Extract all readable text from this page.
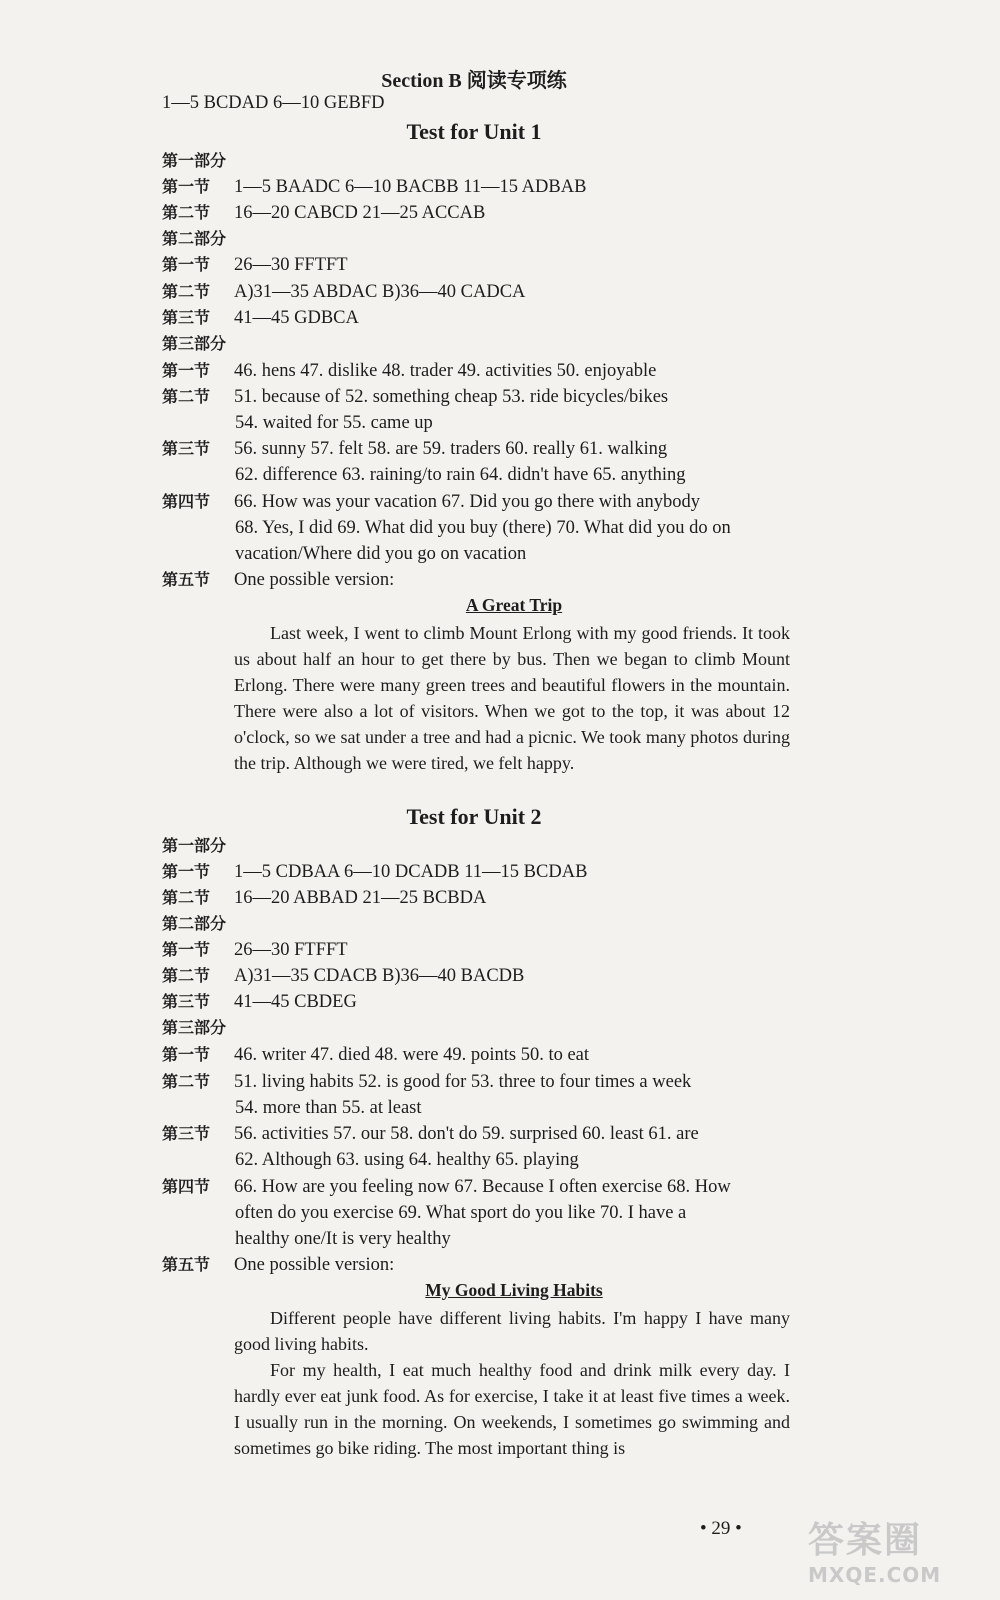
Section B 阅读专项练
1—5 BCDAD 6—10 GEBFD
Test for Unit 1
第一部分
第一节 1—5 BAADC 6—10 BACBB 11—15 ADBAB
第二节 16—20 CABCD 21—25 ACCAB
第二部分
第一节 26—30 FFTFT
第二节 A)31—35 ABDAC B)36—40 CADCA
第三节 41—45 GDBCA
第三部分
第一节 46. hens 47. dislike 48. trader 49. activities 50. enjoyable
第二节 51. because of 52. something cheap 53. ride bicycles/bikes
54. waited for 55. came up
第三节 56. sunny 57. felt 58. are 59. traders 60. really 61. walking
62. difference 63. raining/to rain 64. didn't have 65. anything
第四节 66. How was your vacation 67. Did you go there with anybody
68. Yes, I did 69. What did you buy (there) 70. What did you do on
vacation/Where did you go on vacation
第五节 One possible version:
A Great Trip

Last week, I went to climb Mount Erlong with my good friends. It took us about half an hour to get there by bus. Then we began to climb Mount Erlong. There were many green trees and beautiful flowers in the mountain. There were also a lot of visitors. When we got to the top, it was about 12 o'clock, so we sat under a tree and had a picnic. We took many photos during the trip. Although we were tired, we felt happy.

Test for Unit 2
第一部分
第一节 1—5 CDBAA 6—10 DCADB 11—15 BCDAB
第二节 16—20 ABBAD 21—25 BCBDA
第二部分
第一节 26—30 FTFFT
第二节 A)31—35 CDACB B)36—40 BACDB
第三节 41—45 CBDEG
第三部分
第一节 46. writer 47. died 48. were 49. points 50. to eat
第二节 51. living habits 52. is good for 53. three to four times a week
54. more than 55. at least
第三节 56. activities 57. our 58. don't do 59. surprised 60. least 61. are
62. Although 63. using 64. healthy 65. playing
第四节 66. How are you feeling now 67. Because I often exercise 68. How
often do you exercise 69. What sport do you like 70. I have a
healthy one/It is very healthy
第五节 One possible version:
My Good Living Habits

Different people have different living habits. I'm happy I have many good living habits.

For my health, I eat much healthy food and drink milk every day. I hardly ever eat junk food. As for exercise, I take it at least five times a week. I usually run in the morning. On weekends, I sometimes go swimming and sometimes go bike riding. The most important thing is

• 29 • 答案圈
MXQE.COM
